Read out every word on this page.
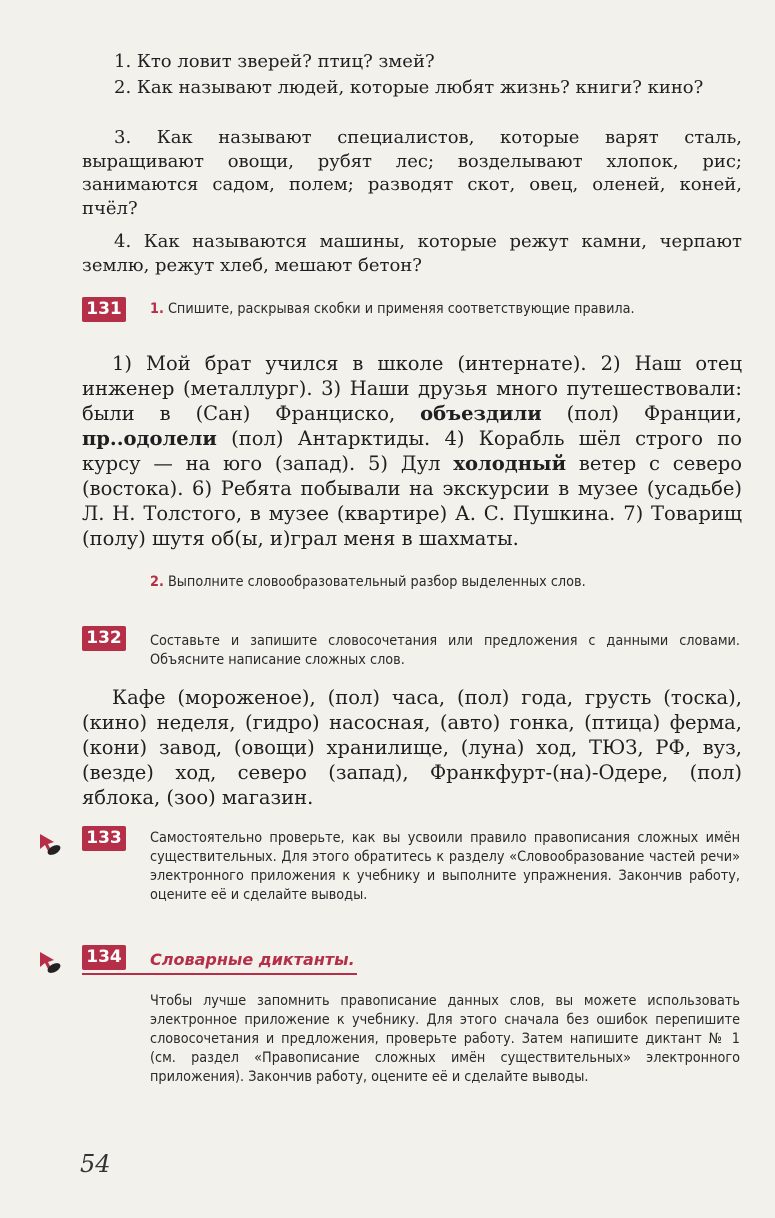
1. Кто ловит зверей? птиц? змей?
2. Как называют людей, которые любят жизнь? книги? кино?
3. Как называют специалистов, которые варят сталь, выращивают овощи, рубят лес; возделывают хлопок, рис; занимаются садом, полем; разводят скот, овец, оленей, коней, пчёл?
4. Как называются машины, которые режут камни, черпают землю, режут хлеб, мешают бетон?
131 1. Спишите, раскрывая скобки и применяя соответствующие правила.
1) Мой брат учился в школе (интернате). 2) Наш отец инженер (металлург). 3) Наши друзья много путешествовали: были в (Сан) Франциско, объездили (пол) Франции, пр..одолели (пол) Антарктиды. 4) Корабль шёл строго по курсу — на юго (запад). 5) Дул холодный ветер с северо (востока). 6) Ребята побывали на экскурсии в музее (усадьбе) Л. Н. Толстого, в музее (квартире) А. С. Пушкина. 7) Товарищ (полу) шутя об(ы, и)грал меня в шахматы.
2. Выполните словообразовательный разбор выделенных слов.
132 Составьте и запишите словосочетания или предложения с данными словами. Объясните написание сложных слов.
Кафе (мороженое), (пол) часа, (пол) года, грусть (тоска), (кино) неделя, (гидро) насосная, (авто) гонка, (птица) ферма, (кони) завод, (овощи) хранилище, (луна) ход, ТЮЗ, РФ, вуз, (везде) ход, северо (запад), Франкфурт-(на)-Одере, (пол) яблока, (зоо) магазин.
133 Самостоятельно проверьте, как вы усвоили правило правописания сложных имён существительных. Для этого обратитесь к разделу «Словообразование частей речи» электронного приложения к учебнику и выполните упражнения. Закончив работу, оцените её и сделайте выводы.
134 Словарные диктанты.
Чтобы лучше запомнить правописание данных слов, вы можете использовать электронное приложение к учебнику. Для этого сначала без ошибок перепишите словосочетания и предложения, проверьте работу. Затем напишите диктант № 1 (см. раздел «Правописание сложных имён существительных» электронного приложения). Закончив работу, оцените её и сделайте выводы.
54
